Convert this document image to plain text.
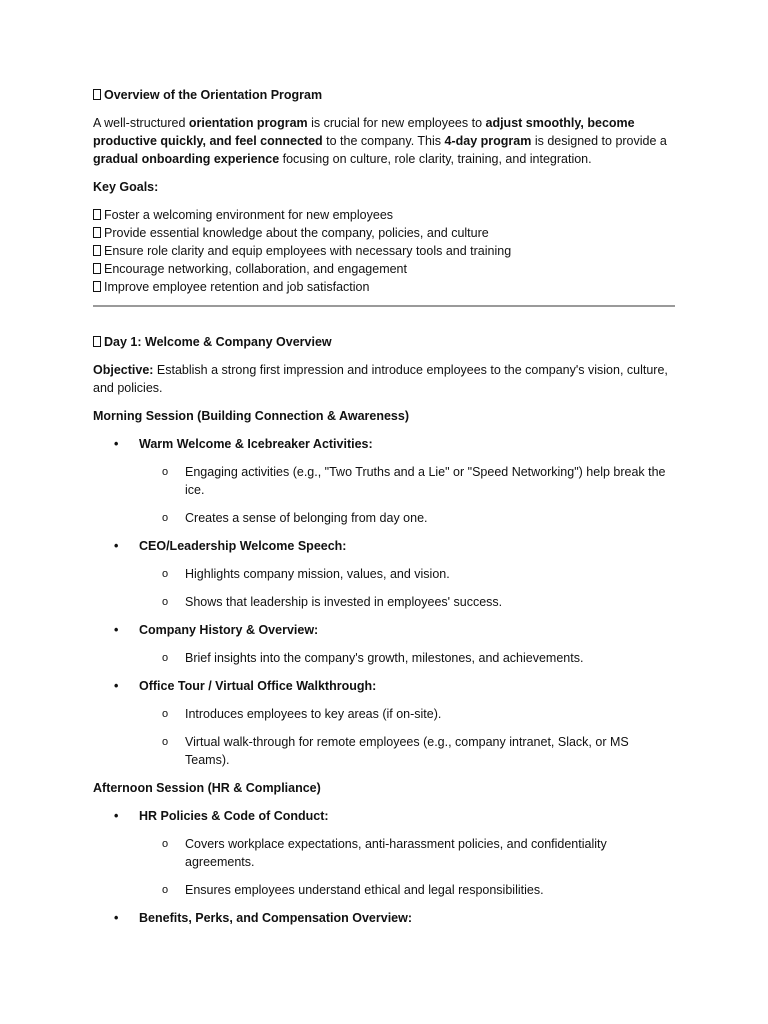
Overview of the Orientation Program

A well-structured orientation program is crucial for new employees to adjust smoothly, become productive quickly, and feel connected to the company. This 4-day program is designed to provide a gradual onboarding experience focusing on culture, role clarity, training, and integration.

Key Goals:
Foster a welcoming environment for new employees
Provide essential knowledge about the company, policies, and culture
Ensure role clarity and equip employees with necessary tools and training
Encourage networking, collaboration, and engagement
Improve employee retention and job satisfaction
Day 1: Welcome & Company Overview

Objective: Establish a strong first impression and introduce employees to the company's vision, culture, and policies.

Morning Session (Building Connection & Awareness)
• Warm Welcome & Icebreaker Activities:
o Engaging activities (e.g., "Two Truths and a Lie" or "Speed Networking") help break the ice.
o Creates a sense of belonging from day one.
• CEO/Leadership Welcome Speech:
o Highlights company mission, values, and vision.
o Shows that leadership is invested in employees' success.
• Company History & Overview:
o Brief insights into the company's growth, milestones, and achievements.
• Office Tour / Virtual Office Walkthrough:
o Introduces employees to key areas (if on-site).
o Virtual walk-through for remote employees (e.g., company intranet, Slack, or MS Teams).
Afternoon Session (HR & Compliance)
• HR Policies & Code of Conduct:
o Covers workplace expectations, anti-harassment policies, and confidentiality agreements.
o Ensures employees understand ethical and legal responsibilities.
• Benefits, Perks, and Compensation Overview:
